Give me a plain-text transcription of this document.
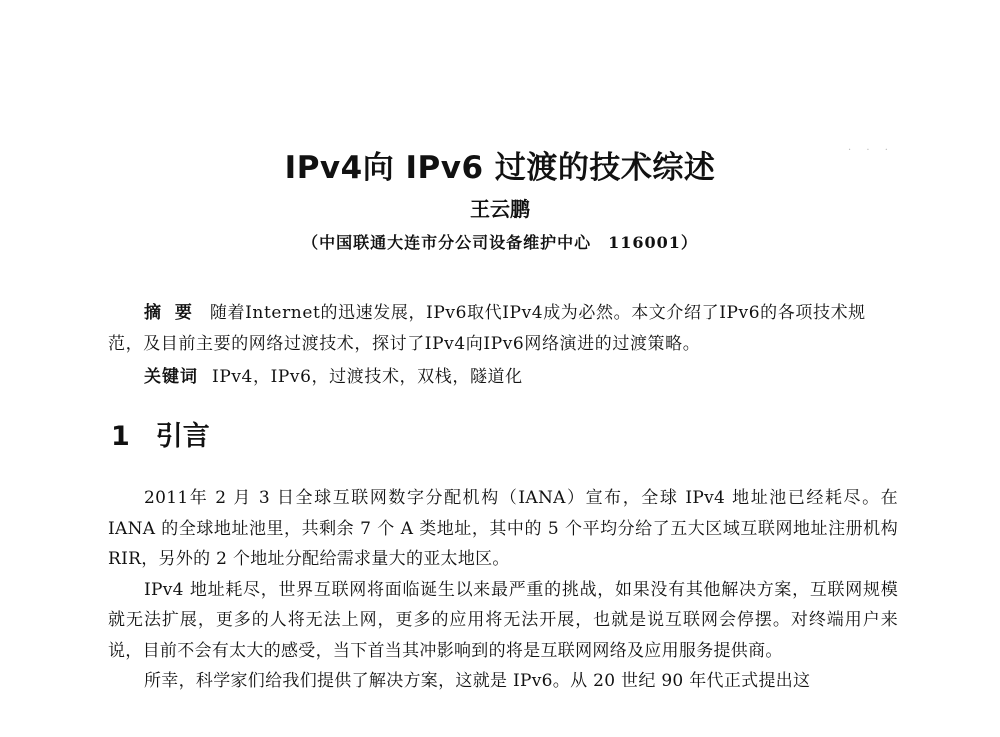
· · ·
IPv4向 IPv6 过渡的技术综述
王云鹏
（中国联通大连市分公司设备维护中心　116001）
摘 要 随着Internet的迅速发展，IPv6取代IPv4成为必然。本文介绍了IPv6的各项技术规范，及目前主要的网络过渡技术，探讨了IPv4向IPv6网络演进的过渡策略。
关键词 IPv4，IPv6，过渡技术，双栈，隧道化
1 引言

2011年 2 月 3 日全球互联网数字分配机构（IANA）宣布，全球 IPv4 地址池已经耗尽。在 IANA 的全球地址池里，共剩余 7 个 A 类地址，其中的 5 个平均分给了五大区域互联网地址注册机构 RIR，另外的 2 个地址分配给需求量大的亚太地区。

IPv4 地址耗尽，世界互联网将面临诞生以来最严重的挑战，如果没有其他解决方案，互联网规模就无法扩展，更多的人将无法上网，更多的应用将无法开展，也就是说互联网会停摆。对终端用户来说，目前不会有太大的感受，当下首当其冲影响到的将是互联网网络及应用服务提供商。

所幸，科学家们给我们提供了解决方案，这就是 IPv6。从 20 世纪 90 年代正式提出这
